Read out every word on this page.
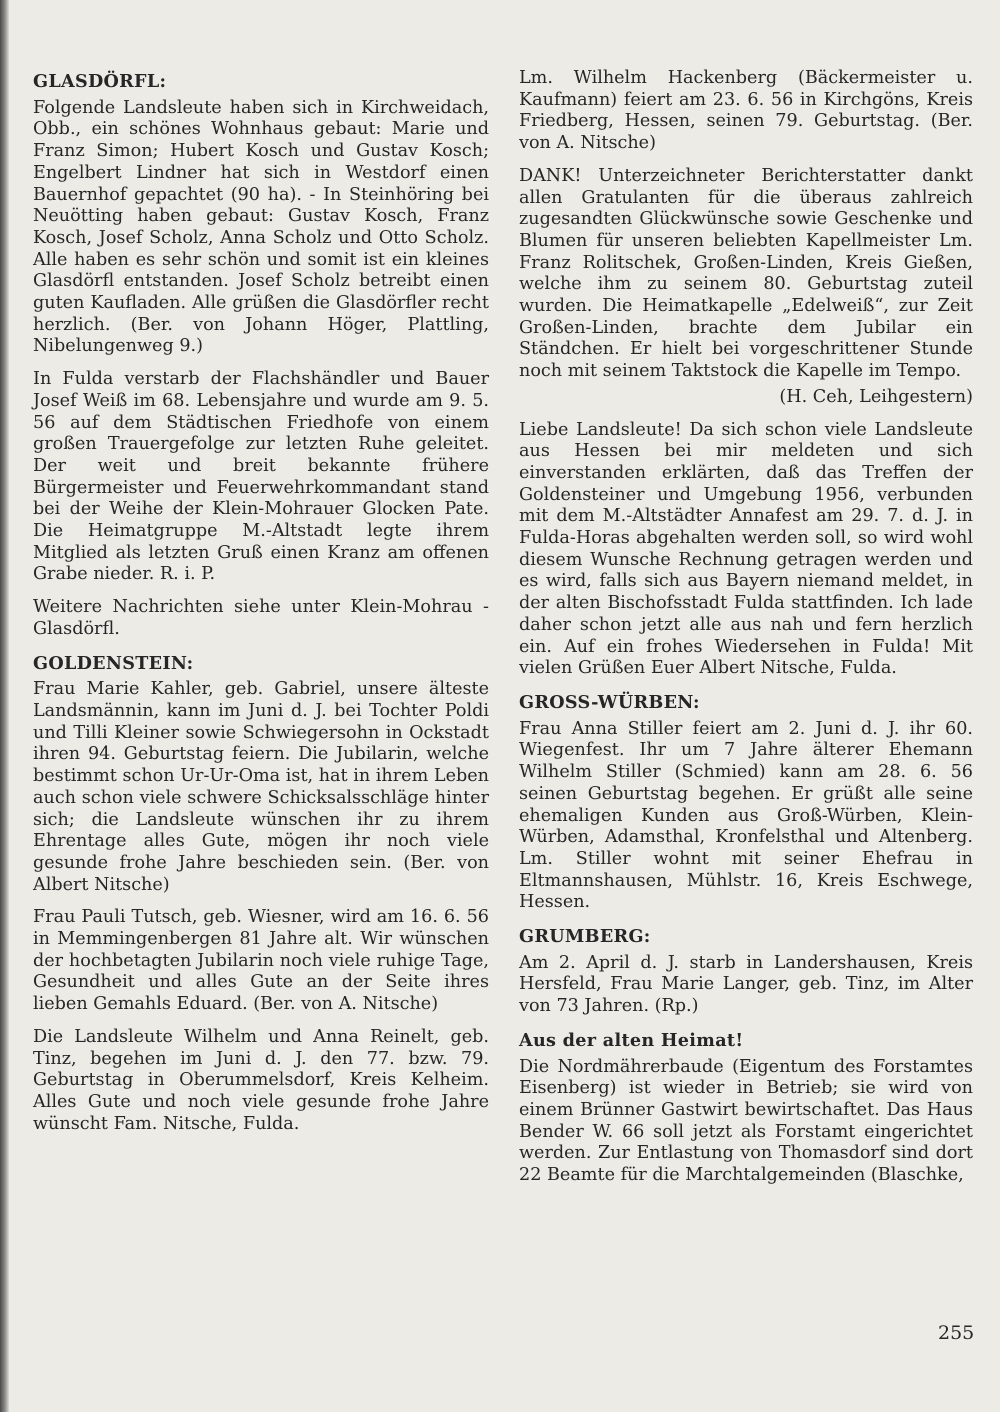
GLASDÖRFL:

Folgende Landsleute haben sich in Kirchweidach, Obb., ein schönes Wohnhaus gebaut: Marie und Franz Simon; Hubert Kosch und Gustav Kosch; Engelbert Lindner hat sich in Westdorf einen Bauernhof gepachtet (90 ha). - In Steinhöring bei Neuötting haben gebaut: Gustav Kosch, Franz Kosch, Josef Scholz, Anna Scholz und Otto Scholz. Alle haben es sehr schön und somit ist ein kleines Glasdörfl entstanden. Josef Scholz betreibt einen guten Kaufladen. Alle grüßen die Glasdörfler recht herzlich. (Ber. von Johann Höger, Plattling, Nibelungenweg 9.)

In Fulda verstarb der Flachshändler und Bauer Josef Weiß im 68. Lebensjahre und wurde am 9. 5. 56 auf dem Städtischen Friedhofe von einem großen Trauergefolge zur letzten Ruhe geleitet. Der weit und breit bekannte frühere Bürgermeister und Feuerwehrkommandant stand bei der Weihe der Klein-Mohrauer Glocken Pate. Die Heimatgruppe M.-Altstadt legte ihrem Mitglied als letzten Gruß einen Kranz am offenen Grabe nieder. R. i. P.

Weitere Nachrichten siehe unter Klein-Mohrau - Glasdörfl.

GOLDENSTEIN:

Frau Marie Kahler, geb. Gabriel, unsere älteste Landsmännin, kann im Juni d. J. bei Tochter Poldi und Tilli Kleiner sowie Schwiegersohn in Ockstadt ihren 94. Geburtstag feiern. Die Jubilarin, welche bestimmt schon Ur-Ur-Oma ist, hat in ihrem Leben auch schon viele schwere Schicksalsschläge hinter sich; die Landsleute wünschen ihr zu ihrem Ehrentage alles Gute, mögen ihr noch viele gesunde frohe Jahre beschieden sein. (Ber. von Albert Nitsche)

Frau Pauli Tutsch, geb. Wiesner, wird am 16. 6. 56 in Memmingenbergen 81 Jahre alt. Wir wünschen der hochbetagten Jubilarin noch viele ruhige Tage, Gesundheit und alles Gute an der Seite ihres lieben Gemahls Eduard. (Ber. von A. Nitsche)

Die Landsleute Wilhelm und Anna Reinelt, geb. Tinz, begehen im Juni d. J. den 77. bzw. 79. Geburtstag in Oberummelsdorf, Kreis Kelheim. Alles Gute und noch viele gesunde frohe Jahre wünscht Fam. Nitsche, Fulda.

Lm. Wilhelm Hackenberg (Bäckermeister u. Kaufmann) feiert am 23. 6. 56 in Kirchgöns, Kreis Friedberg, Hessen, seinen 79. Geburtstag. (Ber. von A. Nitsche)

DANK! Unterzeichneter Berichterstatter dankt allen Gratulanten für die überaus zahlreich zugesandten Glückwünsche sowie Geschenke und Blumen für unseren beliebten Kapellmeister Lm. Franz Rolitschek, Großen-Linden, Kreis Gießen, welche ihm zu seinem 80. Geburtstag zuteil wurden. Die Heimatkapelle „Edelweiß“, zur Zeit Großen-Linden, brachte dem Jubilar ein Ständchen. Er hielt bei vorgeschrittener Stunde noch mit seinem Taktstock die Kapelle im Tempo.

(H. Ceh, Leihgestern)

Liebe Landsleute! Da sich schon viele Landsleute aus Hessen bei mir meldeten und sich einverstanden erklärten, daß das Treffen der Goldensteiner und Umgebung 1956, verbunden mit dem M.-Altstädter Annafest am 29. 7. d. J. in Fulda-Horas abgehalten werden soll, so wird wohl diesem Wunsche Rechnung getragen werden und es wird, falls sich aus Bayern niemand meldet, in der alten Bischofsstadt Fulda stattfinden. Ich lade daher schon jetzt alle aus nah und fern herzlich ein. Auf ein frohes Wiedersehen in Fulda! Mit vielen Grüßen Euer Albert Nitsche, Fulda.

GROSS-WÜRBEN:

Frau Anna Stiller feiert am 2. Juni d. J. ihr 60. Wiegenfest. Ihr um 7 Jahre älterer Ehemann Wilhelm Stiller (Schmied) kann am 28. 6. 56 seinen Geburtstag begehen. Er grüßt alle seine ehemaligen Kunden aus Groß-Würben, Klein-Würben, Adamsthal, Kronfelsthal und Altenberg. Lm. Stiller wohnt mit seiner Ehefrau in Eltmannshausen, Mühlstr. 16, Kreis Eschwege, Hessen.

GRUMBERG:

Am 2. April d. J. starb in Landershausen, Kreis Hersfeld, Frau Marie Langer, geb. Tinz, im Alter von 73 Jahren. (Rp.)

Aus der alten Heimat!

Die Nordmährerbaude (Eigentum des Forstamtes Eisenberg) ist wieder in Betrieb; sie wird von einem Brünner Gastwirt bewirtschaftet. Das Haus Bender W. 66 soll jetzt als Forstamt eingerichtet werden. Zur Entlastung von Thomasdorf sind dort 22 Beamte für die Marchtalgemeinden (Blaschke,

255
